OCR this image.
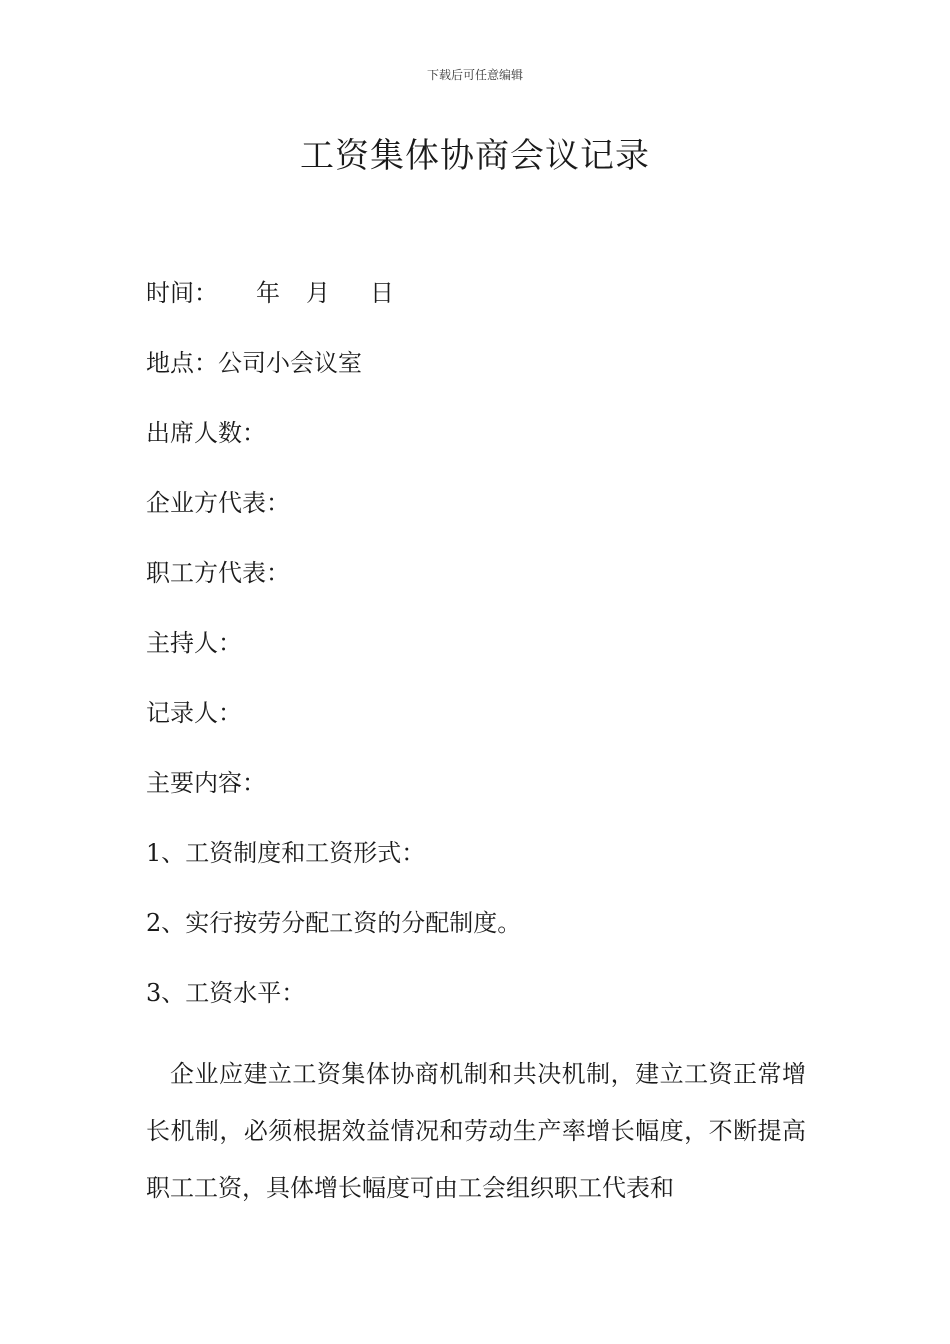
下载后可任意编辑
工资集体协商会议记录
时间： 年 月 日
地点：公司小会议室
出席人数：
企业方代表：
职工方代表：
主持人：
记录人：
主要内容：
1、工资制度和工资形式：
2、实行按劳分配工资的分配制度。
3、工资水平：

企业应建立工资集体协商机制和共决机制，建立工资正常增长机制，必须根据效益情况和劳动生产率增长幅度，不断提高职工工资，具体增长幅度可由工会组织职工代表和
